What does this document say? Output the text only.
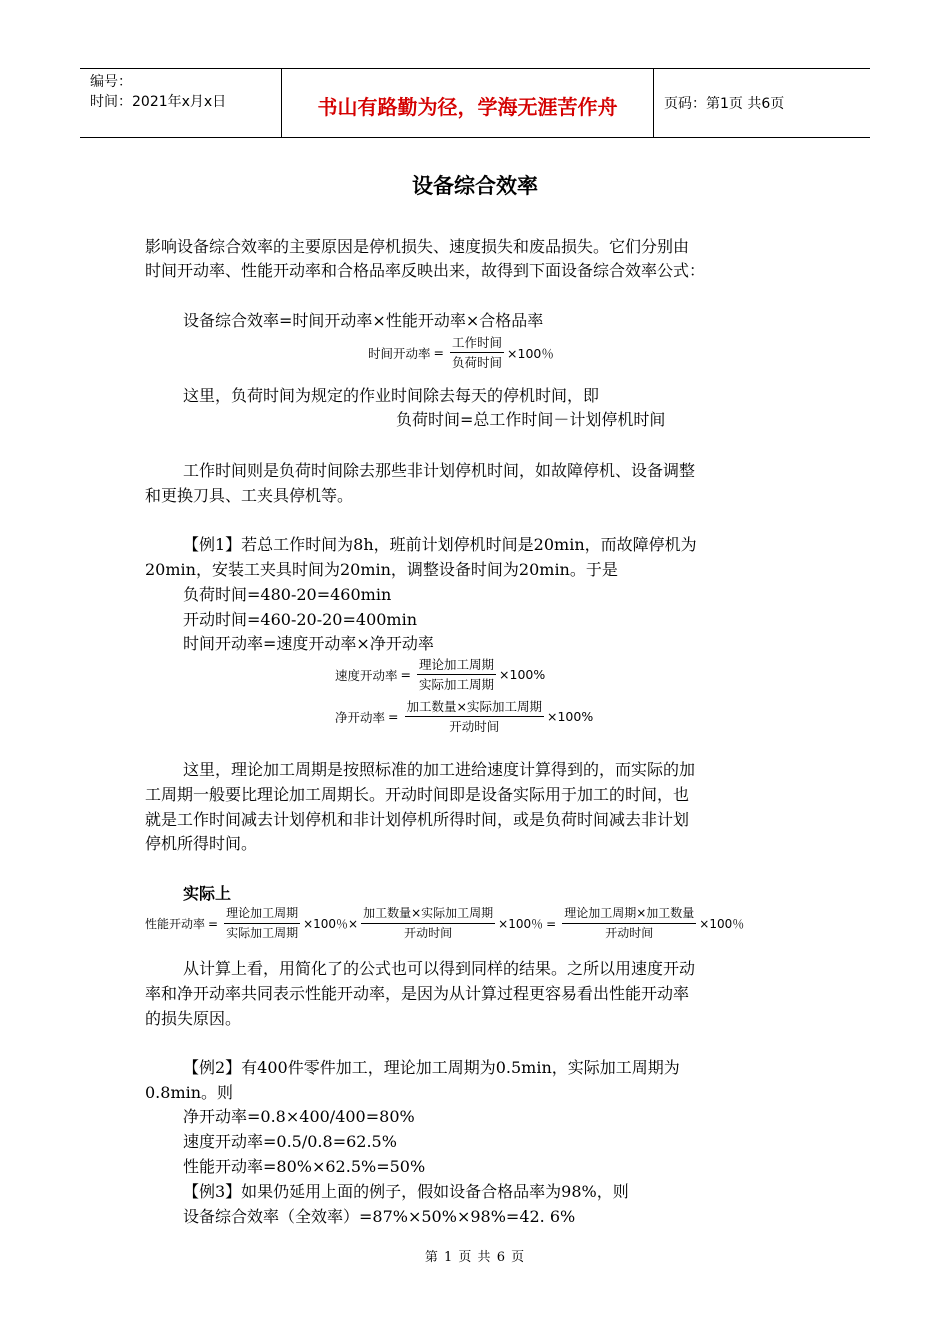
编号：
时间：2021年x月x日	书山有路勤为径，学海无涯苦作舟	页码：第1页 共6页
设备综合效率
影响设备综合效率的主要原因是停机损失、速度损失和废品损失。它们分别由
时间开动率、性能开动率和合格品率反映出来，故得到下面设备综合效率公式：
设备综合效率=时间开动率×性能开动率×合格品率
时间开动率 = $\frac{\text{工作时间}}{\text{负荷时间}} \times 100$％
这里，负荷时间为规定的作业时间除去每天的停机时间，即
负荷时间=总工作时间－计划停机时间
工作时间则是负荷时间除去那些非计划停机时间，如故障停机、设备调整
和更换刀具、工夹具停机等。
【例1】若总工作时间为8h，班前计划停机时间是20min，而故障停机为
20min，安装工夹具时间为20min，调整设备时间为20min。于是
负荷时间=480-20=460min
开动时间=460-20-20=400min
时间开动率=速度开动率×净开动率
速度开动率 = $\frac{\text{理论加工周期}}{\text{实际加工周期}} \times 100\%$
净开动率 = $\frac{\text{加工数量×实际加工周期}}{\text{开动时间}} \times 100\%$
这里，理论加工周期是按照标准的加工进给速度计算得到的，而实际的加
工周期一般要比理论加工周期长。开动时间即是设备实际用于加工的时间，也
就是工作时间减去计划停机和非计划停机所得时间，或是负荷时间减去非计划
停机所得时间。
实际上
性能开动率 = $\frac{\text{理论加工周期}}{\text{实际加工周期}} \times 100$％× $\frac{\text{加工数量×实际加工周期}}{\text{开动时间}} \times 100$％ = $\frac{\text{理论加工周期×加工数量}}{\text{开动时间}} \times 100$％
从计算上看，用简化了的公式也可以得到同样的结果。之所以用速度开动
率和净开动率共同表示性能开动率，是因为从计算过程更容易看出性能开动率
的损失原因。
【例2】有400件零件加工，理论加工周期为0.5min，实际加工周期为
0.8min。则
净开动率=0.8×400/400=80%
速度开动率=0.5/0.8=62.5%
性能开动率=80%×62.5%=50%
【例3】如果仍延用上面的例子，假如设备合格品率为98%，则
设备综合效率（全效率）=87%×50%×98%=42. 6%
第 1 页 共 6 页
